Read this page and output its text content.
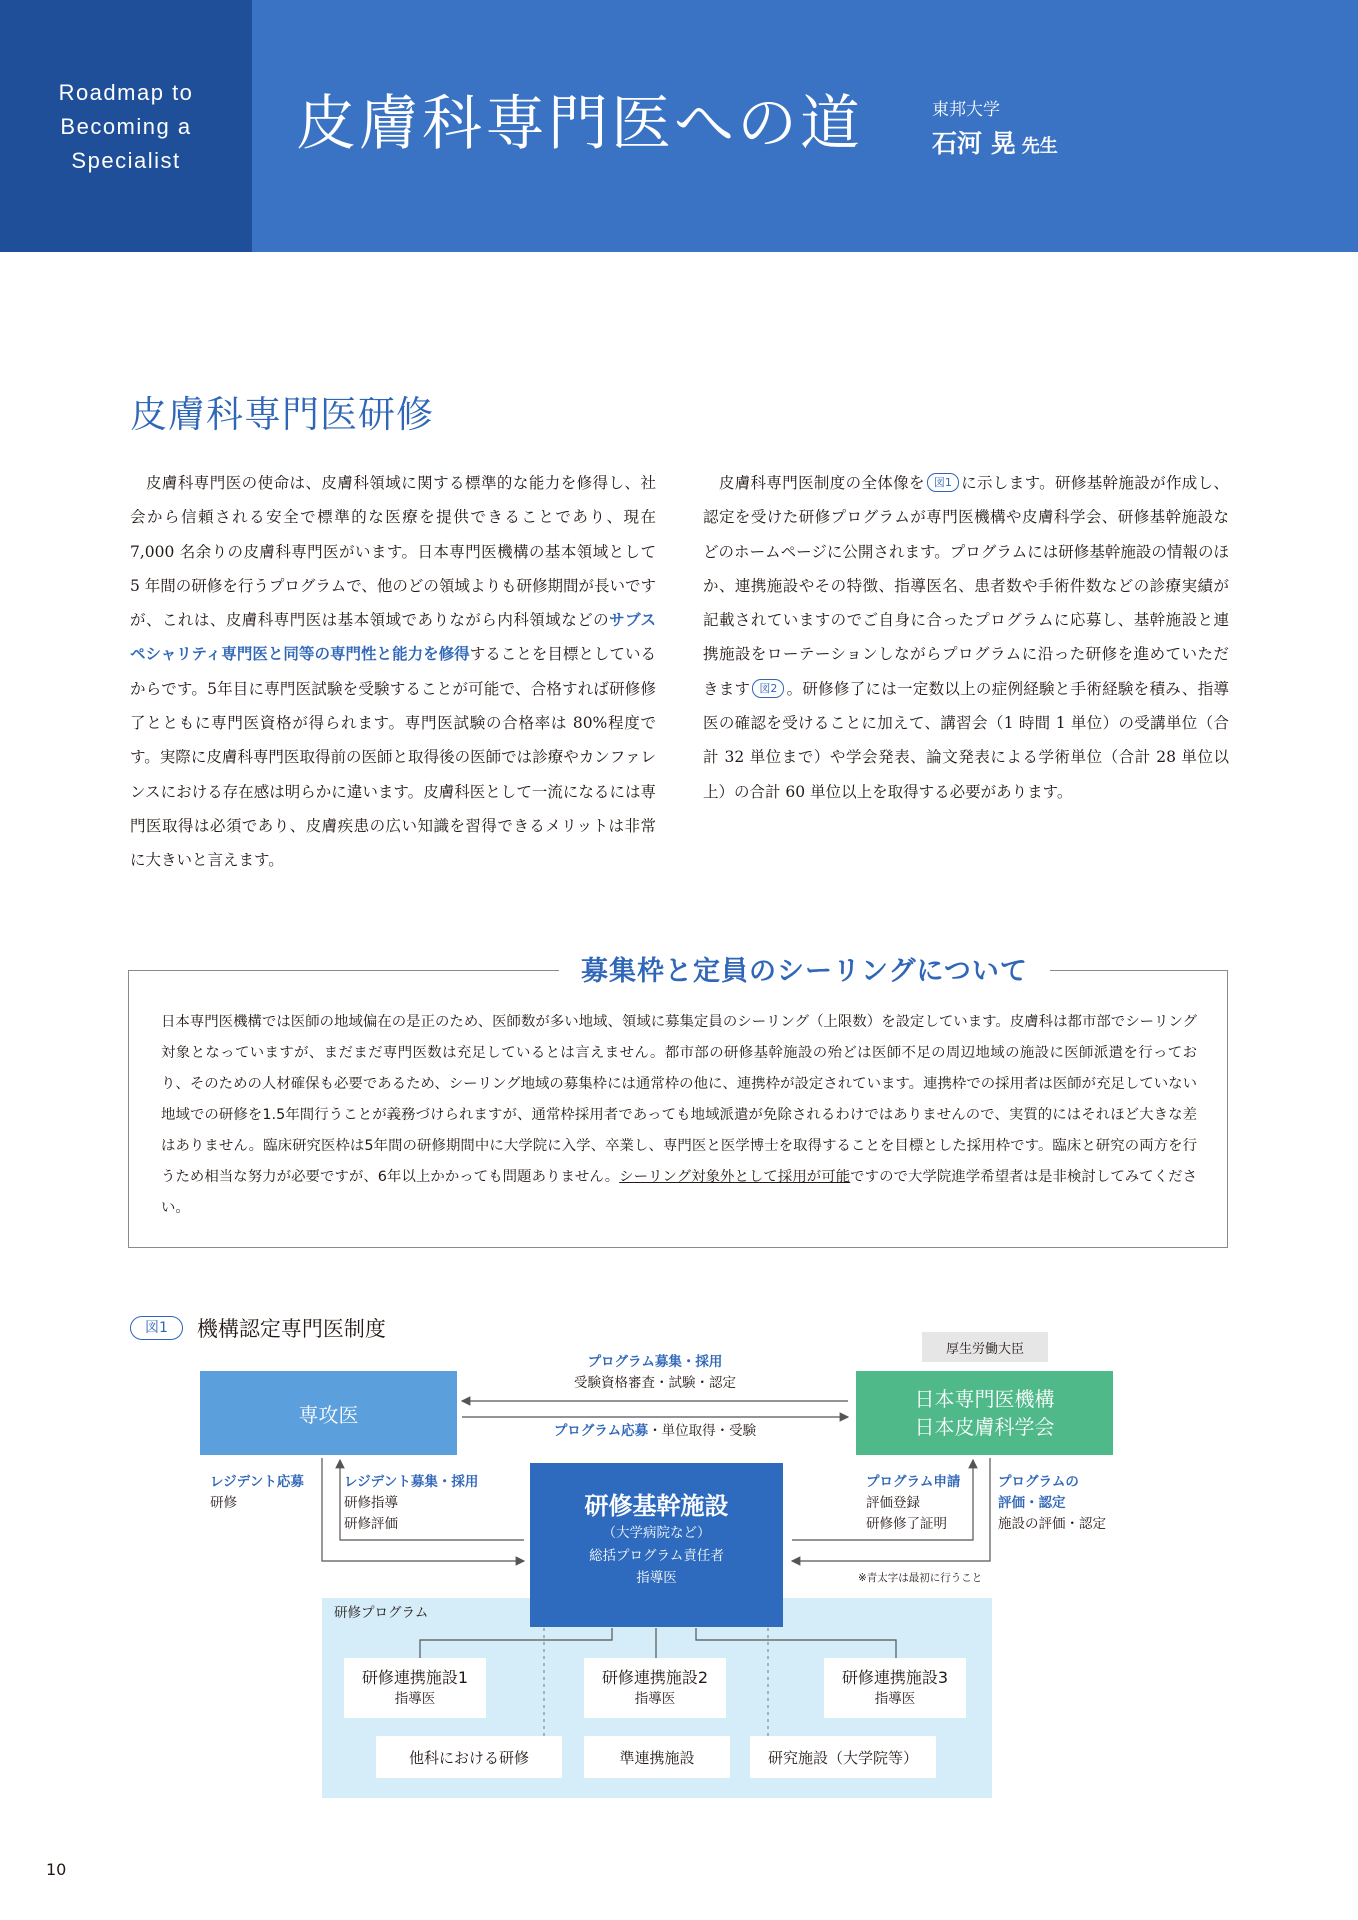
Roadmap to
Becoming a
Specialist
皮膚科専門医への道	東邦大学
石河 晃 先生
皮膚科専門医研修
 皮膚科専門医の使命は、皮膚科領域に関する標準的な能力を修得し、社会から信頼される安全で標準的な医療を提供できることであり、現在 7,000 名余りの皮膚科専門医がいます。日本専門医機構の基本領域として 5 年間の研修を行うプログラムで、他のどの領域よりも研修期間が長いですが、これは、皮膚科専門医は基本領域でありながら内科領域などのサブスペシャリティ専門医と同等の専門性と能力を修得することを目標としているからです。5年目に専門医試験を受験することが可能で、合格すれば研修修了とともに専門医資格が得られます。専門医試験の合格率は 80%程度です。実際に皮膚科専門医取得前の医師と取得後の医師では診療やカンファレンスにおける存在感は明らかに違います。皮膚科医として一流になるには専門医取得は必須であり、皮膚疾患の広い知識を習得できるメリットは非常に大きいと言えます。
 皮膚科専門医制度の全体像を 図1 に示します。研修基幹施設が作成し、認定を受けた研修プログラムが専門医機構や皮膚科学会、研修基幹施設などのホームページに公開されます。プログラムには研修基幹施設の情報のほか、連携施設やその特徴、指導医名、患者数や手術件数などの診療実績が記載されていますのでご自身に合ったプログラムに応募し、基幹施設と連携施設をローテーションしながらプログラムに沿った研修を進めていただきます 図2 。研修修了には一定数以上の症例経験と手術経験を積み、指導医の確認を受けることに加えて、講習会（1 時間 1 単位）の受講単位（合計 32 単位まで）や学会発表、論文発表による学術単位（合計 28 単位以上）の合計 60 単位以上を取得する必要があります。
募集枠と定員のシーリングについて
日本専門医機構では医師の地域偏在の是正のため、医師数が多い地域、領域に募集定員のシーリング（上限数）を設定しています。皮膚科は都市部でシーリング対象となっていますが、まだまだ専門医数は充足しているとは言えません。都市部の研修基幹施設の殆どは医師不足の周辺地域の施設に医師派遣を行っており、そのための人材確保も必要であるため、シーリング地域の募集枠には通常枠の他に、連携枠が設定されています。連携枠での採用者は医師が充足していない地域での研修を1.5年間行うことが義務づけられますが、通常枠採用者であっても地域派遣が免除されるわけではありませんので、実質的にはそれほど大きな差はありません。臨床研究医枠は5年間の研修期間中に大学院に入学、卒業し、専門医と医学博士を取得することを目標とした採用枠です。臨床と研究の両方を行うため相当な努力が必要ですが、6年以上かかっても問題ありません。シーリング対象外として採用が可能ですので大学院進学希望者は是非検討してみてください。
図1	機構認定専門医制度
研修プログラム
専攻医
厚生労働大臣
日本専門医機構
日本皮膚科学会
プログラム募集・採用
受験資格審査・試験・認定
プログラム応募・単位取得・受験
レジデント応募
研修
レジデント募集・採用
研修指導
研修評価
プログラム申請
評価登録
研修修了証明
プログラムの
評価・認定
施設の評価・認定
※青太字は最初に行うこと
研修基幹施設
（大学病院など）
総括プログラム責任者
指導医
研修連携施設1
指導医
研修連携施設2
指導医
研修連携施設3
指導医
他科における研修	準連携施設	研究施設（大学院等）
10
